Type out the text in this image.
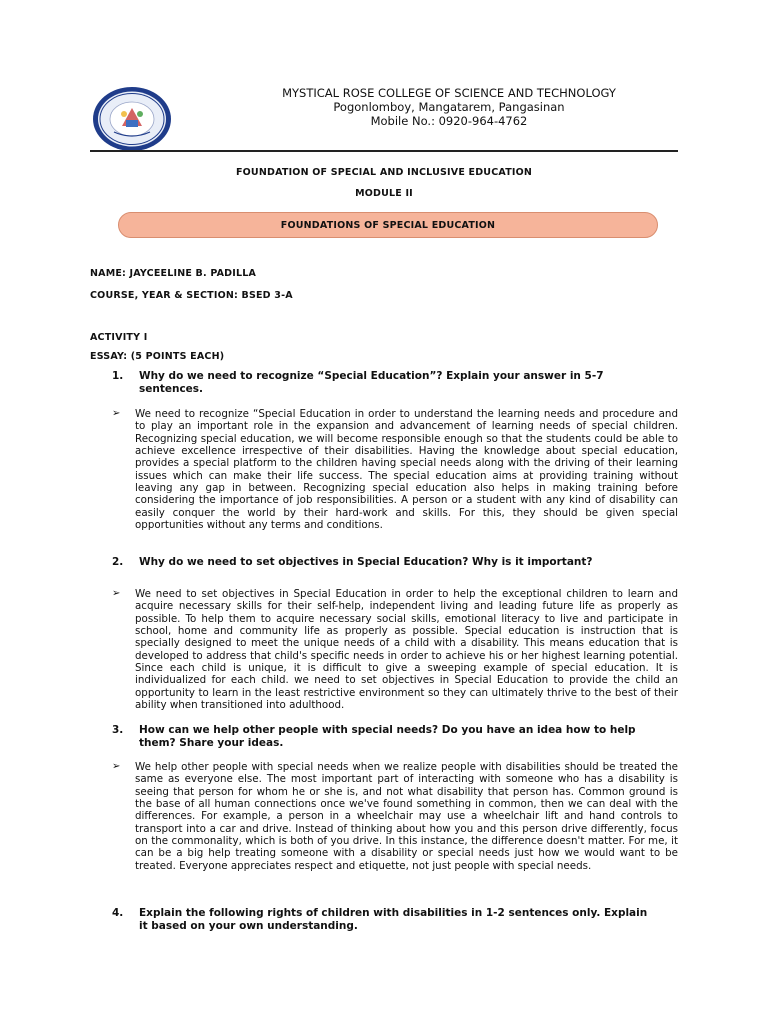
MYSTICAL ROSE COLLEGE OF SCIENCE AND TECHNOLOGY
Pogonlomboy, Mangatarem, Pangasinan
Mobile No.: 0920-964-4762
FOUNDATION OF SPECIAL AND INCLUSIVE EDUCATION
MODULE II
FOUNDATIONS OF SPECIAL EDUCATION
NAME: JAYCEELINE B. PADILLA
COURSE, YEAR & SECTION: BSED 3-A
ACTIVITY I
ESSAY: (5 POINTS EACH)
1. Why do we need to recognize “Special Education”? Explain your answer in 5-7 sentences.
➢ We need to recognize “Special Education in order to understand the learning needs and procedure and to play an important role in the expansion and advancement of learning needs of special children. Recognizing special education, we will become responsible enough so that the students could be able to achieve excellence irrespective of their disabilities. Having the knowledge about special education, provides a special platform to the children having special needs along with the driving of their learning issues which can make their life success. The special education aims at providing training without leaving any gap in between. Recognizing special education also helps in making training before considering the importance of job responsibilities. A person or a student with any kind of disability can easily conquer the world by their hard-work and skills. For this, they should be given special opportunities without any terms and conditions.
2. Why do we need to set objectives in Special Education? Why is it important?
➢ We need to set objectives in Special Education in order to help the exceptional children to learn and acquire necessary skills for their self-help, independent living and leading future life as properly as possible. To help them to acquire necessary social skills, emotional literacy to live and participate in school, home and community life as properly as possible. Special education is instruction that is specially designed to meet the unique needs of a child with a disability. This means education that is developed to address that child's specific needs in order to achieve his or her highest learning potential. Since each child is unique, it is difficult to give a sweeping example of special education. It is individualized for each child. we need to set objectives in Special Education to provide the child an opportunity to learn in the least restrictive environment so they can ultimately thrive to the best of their ability when transitioned into adulthood.
3. How can we help other people with special needs? Do you have an idea how to help them? Share your ideas.
➢ We help other people with special needs when we realize people with disabilities should be treated the same as everyone else. The most important part of interacting with someone who has a disability is seeing that person for whom he or she is, and not what disability that person has. Common ground is the base of all human connections once we've found something in common, then we can deal with the differences. For example, a person in a wheelchair may use a wheelchair lift and hand controls to transport into a car and drive. Instead of thinking about how you and this person drive differently, focus on the commonality, which is both of you drive. In this instance, the difference doesn't matter. For me, it can be a big help treating someone with a disability or special needs just how we would want to be treated. Everyone appreciates respect and etiquette, not just people with special needs.
4. Explain the following rights of children with disabilities in 1-2 sentences only. Explain it based on your own understanding.
